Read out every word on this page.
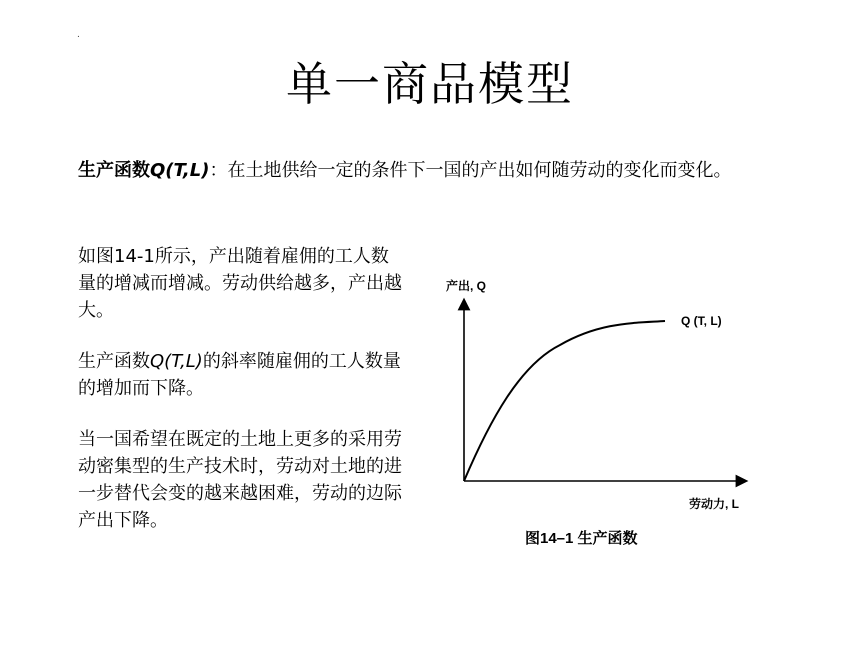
.
单一商品模型
生产函数Q(T,L)：在土地供给一定的条件下一国的产出如何随劳动的变化而变化。
如图14-1所示，产出随着雇佣的工人数量的增减而增减。劳动供给越多，产出越大。
生产函数Q(T,L)的斜率随雇佣的工人数量的增加而下降。
当一国希望在既定的土地上更多的采用劳动密集型的生产技术时，劳动对土地的进一步替代会变的越来越困难，劳动的边际产出下降。
产出, Q
Q (T, L)
劳动力, L
图14–1 生产函数
